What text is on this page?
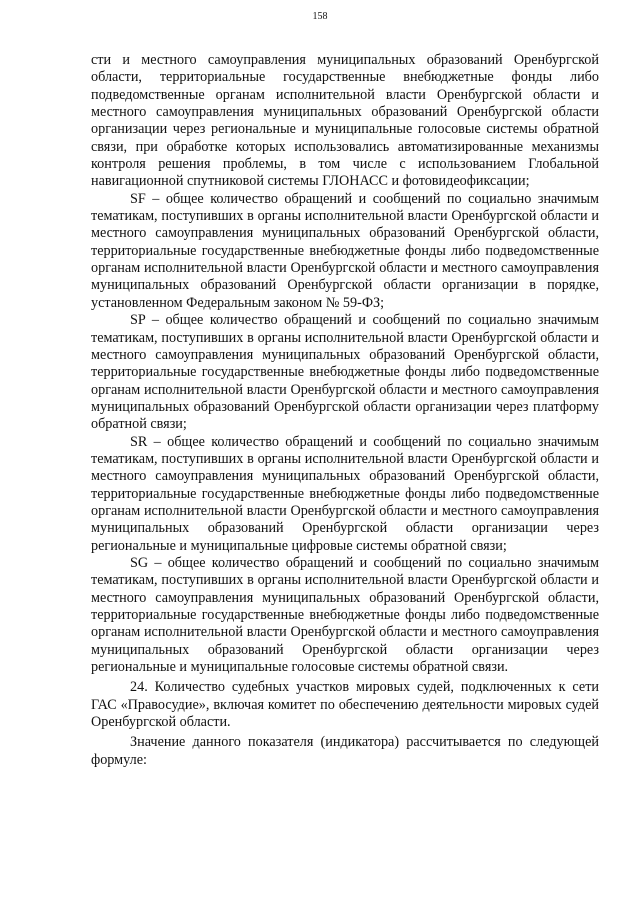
158

сти и местного самоуправления муниципальных образований Оренбургской области, территориальные государственные внебюджетные фонды либо подведомственные органам исполнительной власти Оренбургской области и местного самоуправления муниципальных образований Оренбургской области организации через региональные и муниципальные голосовые системы обратной связи, при обработке которых использовались автоматизированные механизмы контроля решения проблемы, в том числе с использованием Глобальной навигационной спутниковой системы ГЛОНАСС и фотовидеофиксации;

SF – общее количество обращений и сообщений по социально значимым тематикам, поступивших в органы исполнительной власти Оренбургской области и местного самоуправления муниципальных образований Оренбургской области, территориальные государственные внебюджетные фонды либо подведомственные органам исполнительной власти Оренбургской области и местного самоуправления муниципальных образований Оренбургской области организации в порядке, установленном Федеральным законом № 59-ФЗ;

SP – общее количество обращений и сообщений по социально значимым тематикам, поступивших в органы исполнительной власти Оренбургской области и местного самоуправления муниципальных образований Оренбургской области, территориальные государственные внебюджетные фонды либо подведомственные органам исполнительной власти Оренбургской области и местного самоуправления муниципальных образований Оренбургской области организации через платформу обратной связи;

SR – общее количество обращений и сообщений по социально значимым тематикам, поступивших в органы исполнительной власти Оренбургской области и местного самоуправления муниципальных образований Оренбургской области, территориальные государственные внебюджетные фонды либо подведомственные органам исполнительной власти Оренбургской области и местного самоуправления муниципальных образований Оренбургской области организации через региональные и муниципальные цифровые системы обратной связи;

SG – общее количество обращений и сообщений по социально значимым тематикам, поступивших в органы исполнительной власти Оренбургской области и местного самоуправления муниципальных образований Оренбургской области, территориальные государственные внебюджетные фонды либо подведомственные органам исполнительной власти Оренбургской области и местного самоуправления муниципальных образований Оренбургской области организации через региональные и муниципальные голосовые системы обратной связи.

24. Количество судебных участков мировых судей, подключенных к сети ГАС «Правосудие», включая комитет по обеспечению деятельности мировых судей Оренбургской области.

Значение данного показателя (индикатора) рассчитывается по следующей формуле:
